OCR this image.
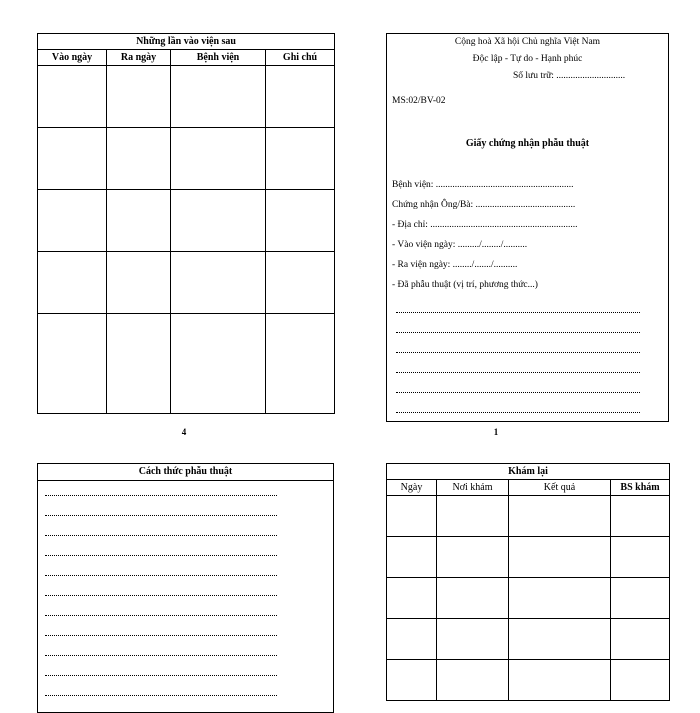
Những lần vào viện sau			
Vào ngày	Ra ngày	Bệnh viện	Ghi chú

4
Cộng hoà Xã hội Chủ nghĩa Việt Nam
Độc lập - Tự do - Hạnh phúc
Số lưu trữ: .............................
MS:02/BV-02
Giấy chứng nhận phẫu thuật
Bệnh viện: ..........................................................
Chứng nhận Ông/Bà: ..........................................
- Địa chỉ: ..............................................................
- Vào viện ngày: ........./......../..........
- Ra viện ngày: ......../......./..........
- Đã phẫu thuật (vị trí, phương thức...)
1
Cách thức phẫu thuật	Khám lại			
Ngày	Nơi khám	Kết quả	BS khám
